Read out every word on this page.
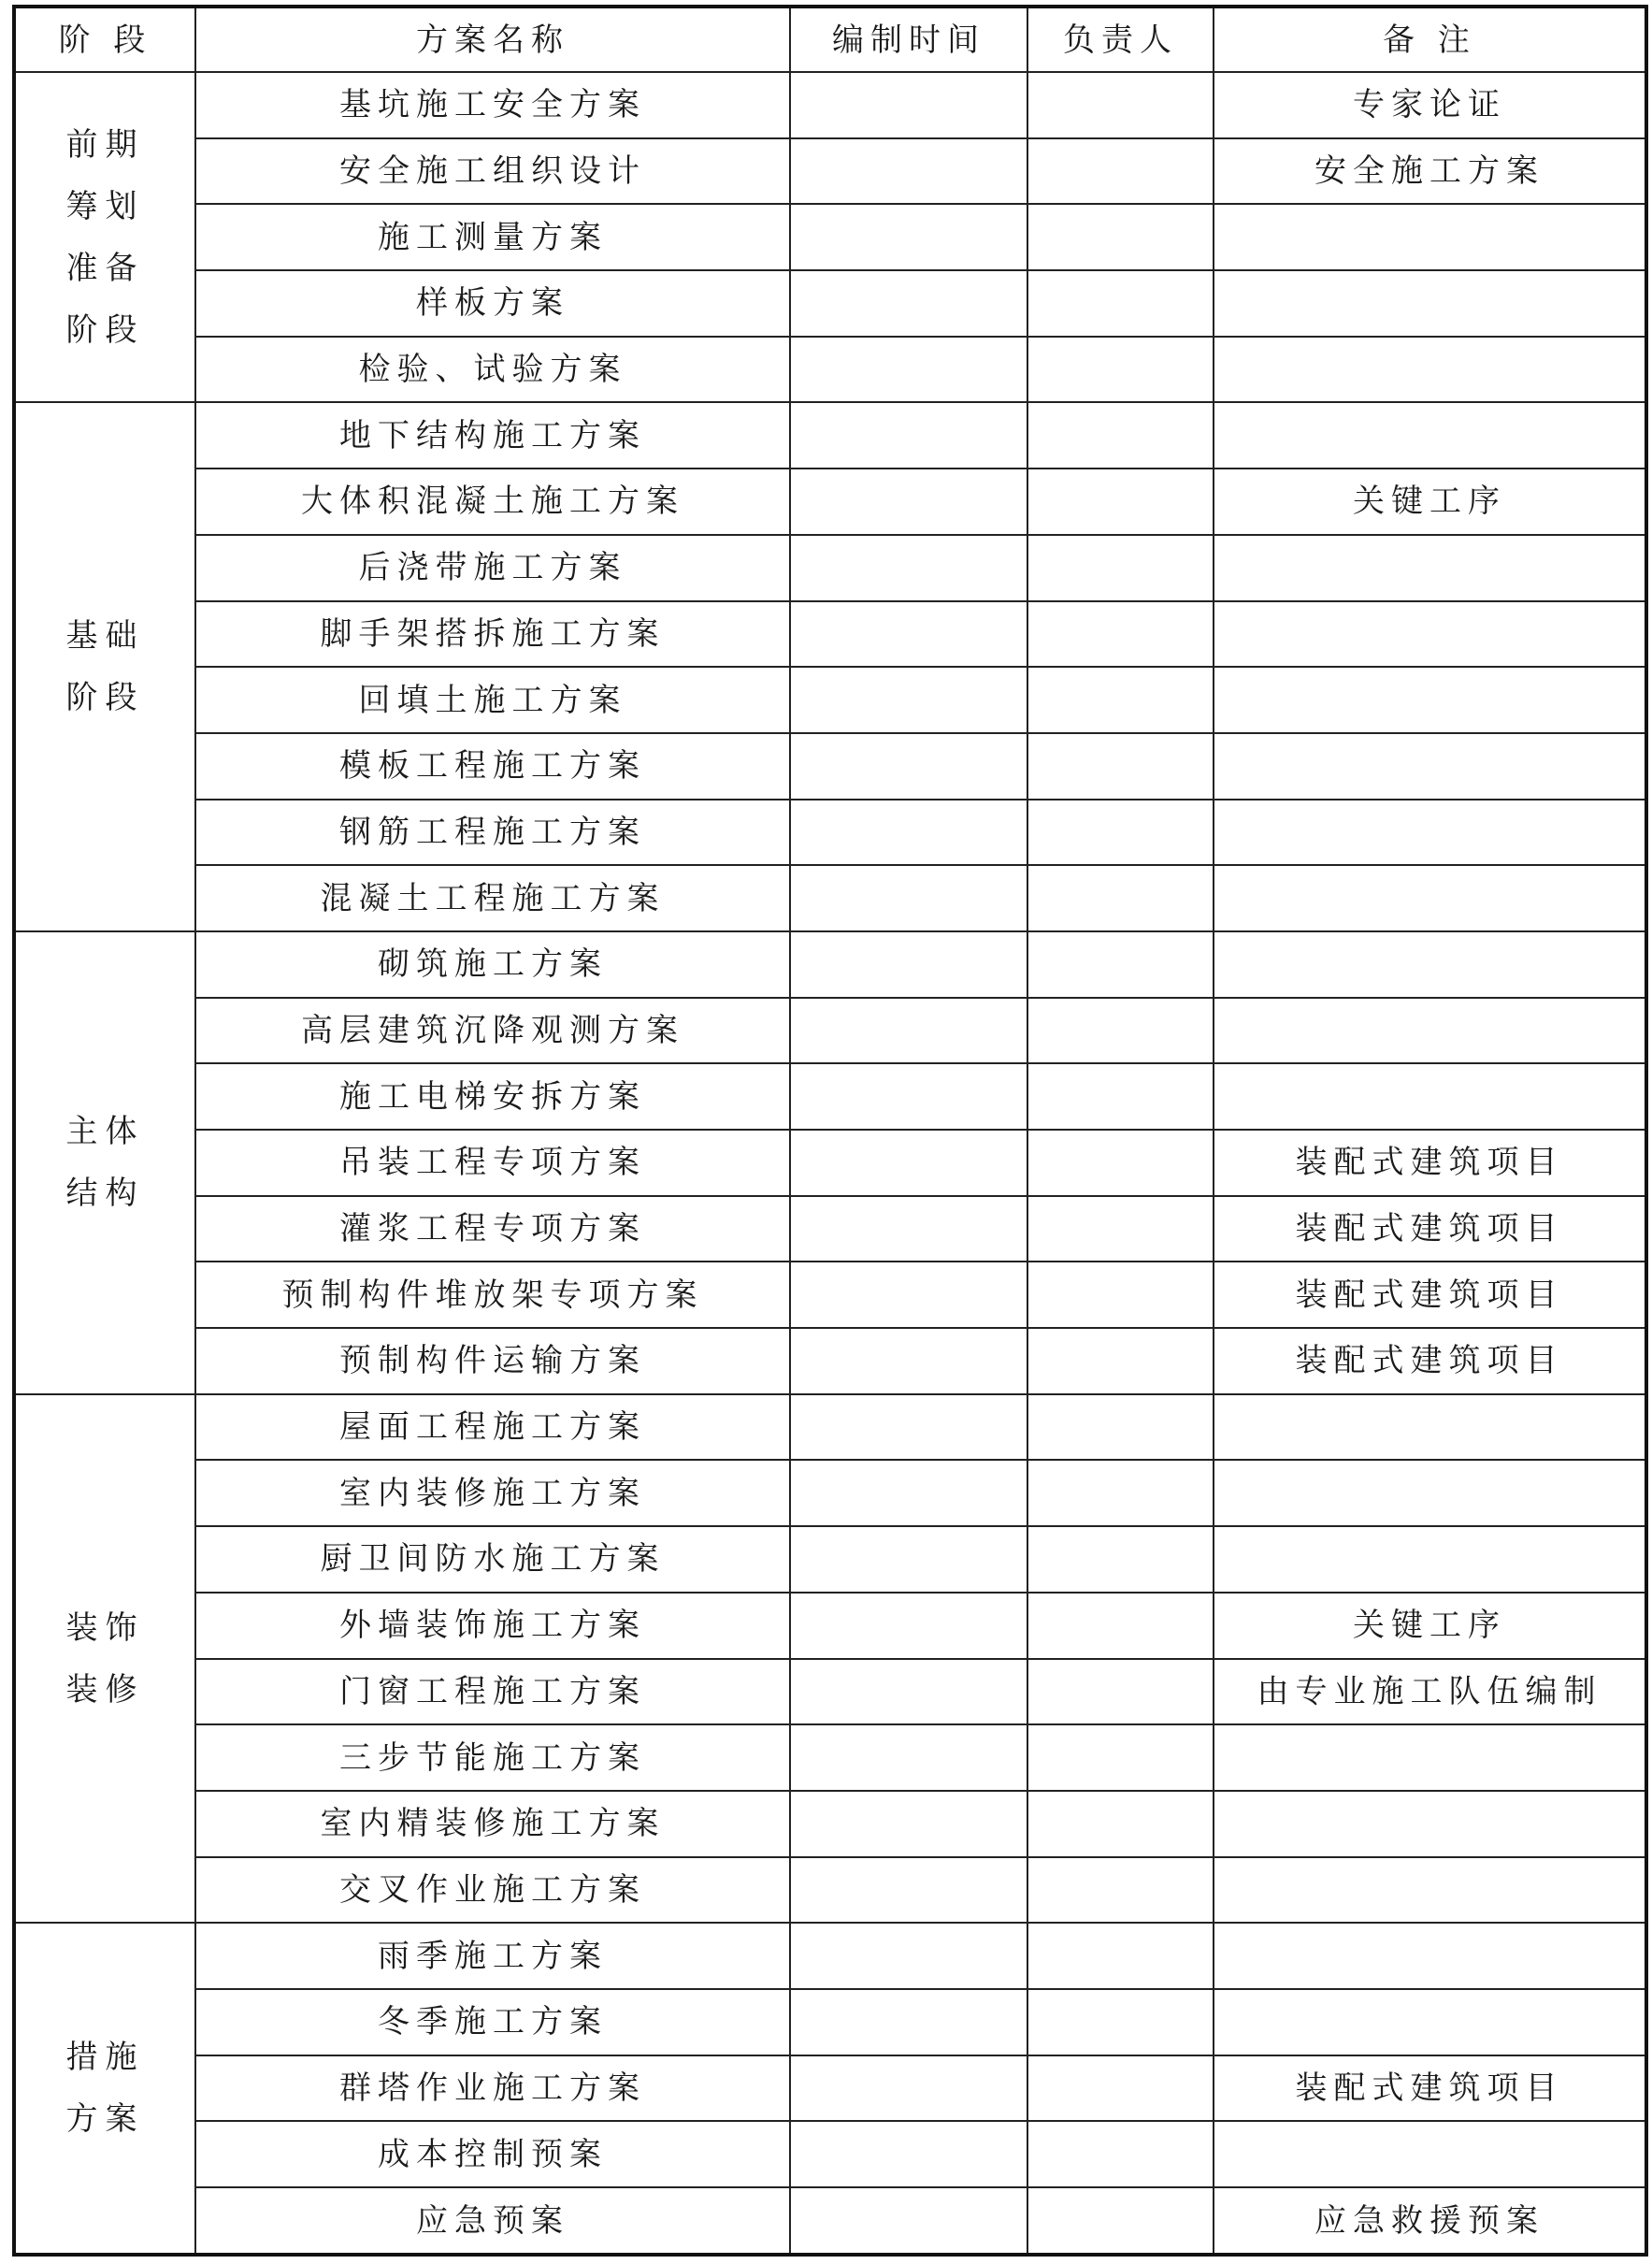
阶 段	方案名称	编制时间	负责人	备 注

前期
筹划
准备
阶段	基坑施工安全方案			专家论证
	安全施工组织设计			安全施工方案
	施工测量方案			
	样板方案			
	检验、试验方案			

基础
阶段	地下结构施工方案			
	大体积混凝土施工方案			关键工序
	后浇带施工方案			
	脚手架搭拆施工方案			
	回填土施工方案			
	模板工程施工方案			
	钢筋工程施工方案			
	混凝土工程施工方案			

主体
结构	砌筑施工方案			
	高层建筑沉降观测方案			
	施工电梯安拆方案			
	吊装工程专项方案			装配式建筑项目
	灌浆工程专项方案			装配式建筑项目
	预制构件堆放架专项方案			装配式建筑项目
	预制构件运输方案			装配式建筑项目

装饰
装修	屋面工程施工方案			
	室内装修施工方案			
	厨卫间防水施工方案			
	外墙装饰施工方案			关键工序
	门窗工程施工方案			由专业施工队伍编制
	三步节能施工方案			
	室内精装修施工方案			
	交叉作业施工方案			

措施
方案	雨季施工方案			
	冬季施工方案			
	群塔作业施工方案			装配式建筑项目
	成本控制预案			
	应急预案			应急救援预案
